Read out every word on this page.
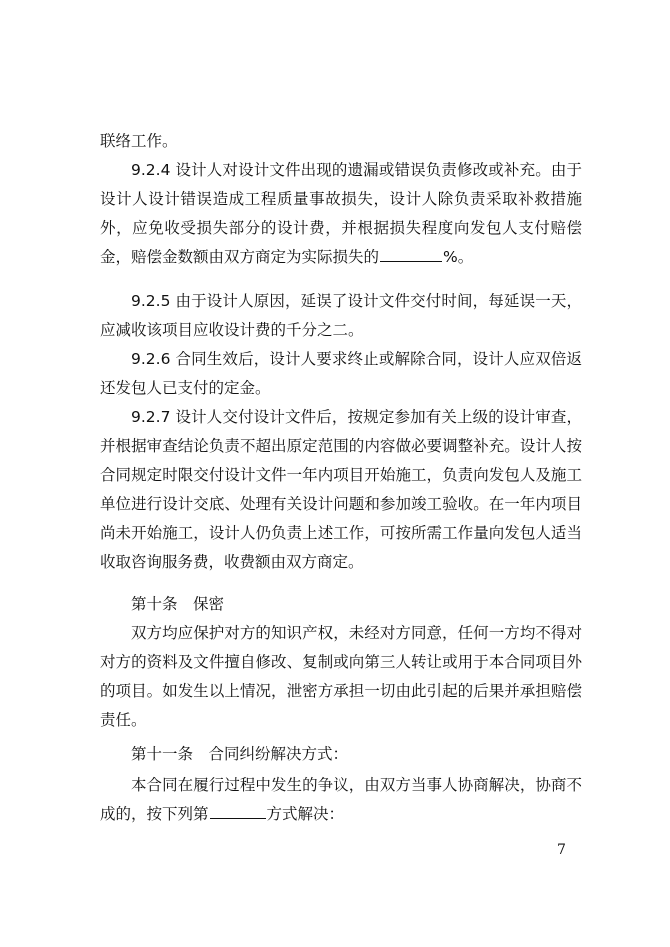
联络工作。

9.2.4 设计人对设计文件出现的遗漏或错误负责修改或补充。由于设计人设计错误造成工程质量事故损失，设计人除负责采取补救措施外，应免收受损失部分的设计费，并根据损失程度向发包人支付赔偿金，赔偿金数额由双方商定为实际损失的	%。

9.2.5 由于设计人原因，延误了设计文件交付时间，每延误一天，应减收该项目应收设计费的千分之二。

9.2.6 合同生效后，设计人要求终止或解除合同，设计人应双倍返还发包人已支付的定金。

9.2.7 设计人交付设计文件后，按规定参加有关上级的设计审查，并根据审查结论负责不超出原定范围的内容做必要调整补充。设计人按合同规定时限交付设计文件一年内项目开始施工，负责向发包人及施工单位进行设计交底、处理有关设计问题和参加竣工验收。在一年内项目尚未开始施工，设计人仍负责上述工作，可按所需工作量向发包人适当收取咨询服务费，收费额由双方商定。

第十条　保密

双方均应保护对方的知识产权，未经对方同意，任何一方均不得对对方的资料及文件擅自修改、复制或向第三人转让或用于本合同项目外的项目。如发生以上情况，泄密方承担一切由此引起的后果并承担赔偿责任。

第十一条　合同纠纷解决方式：

本合同在履行过程中发生的争议，由双方当事人协商解决，协商不成的，按下列第	方式解决：

7
